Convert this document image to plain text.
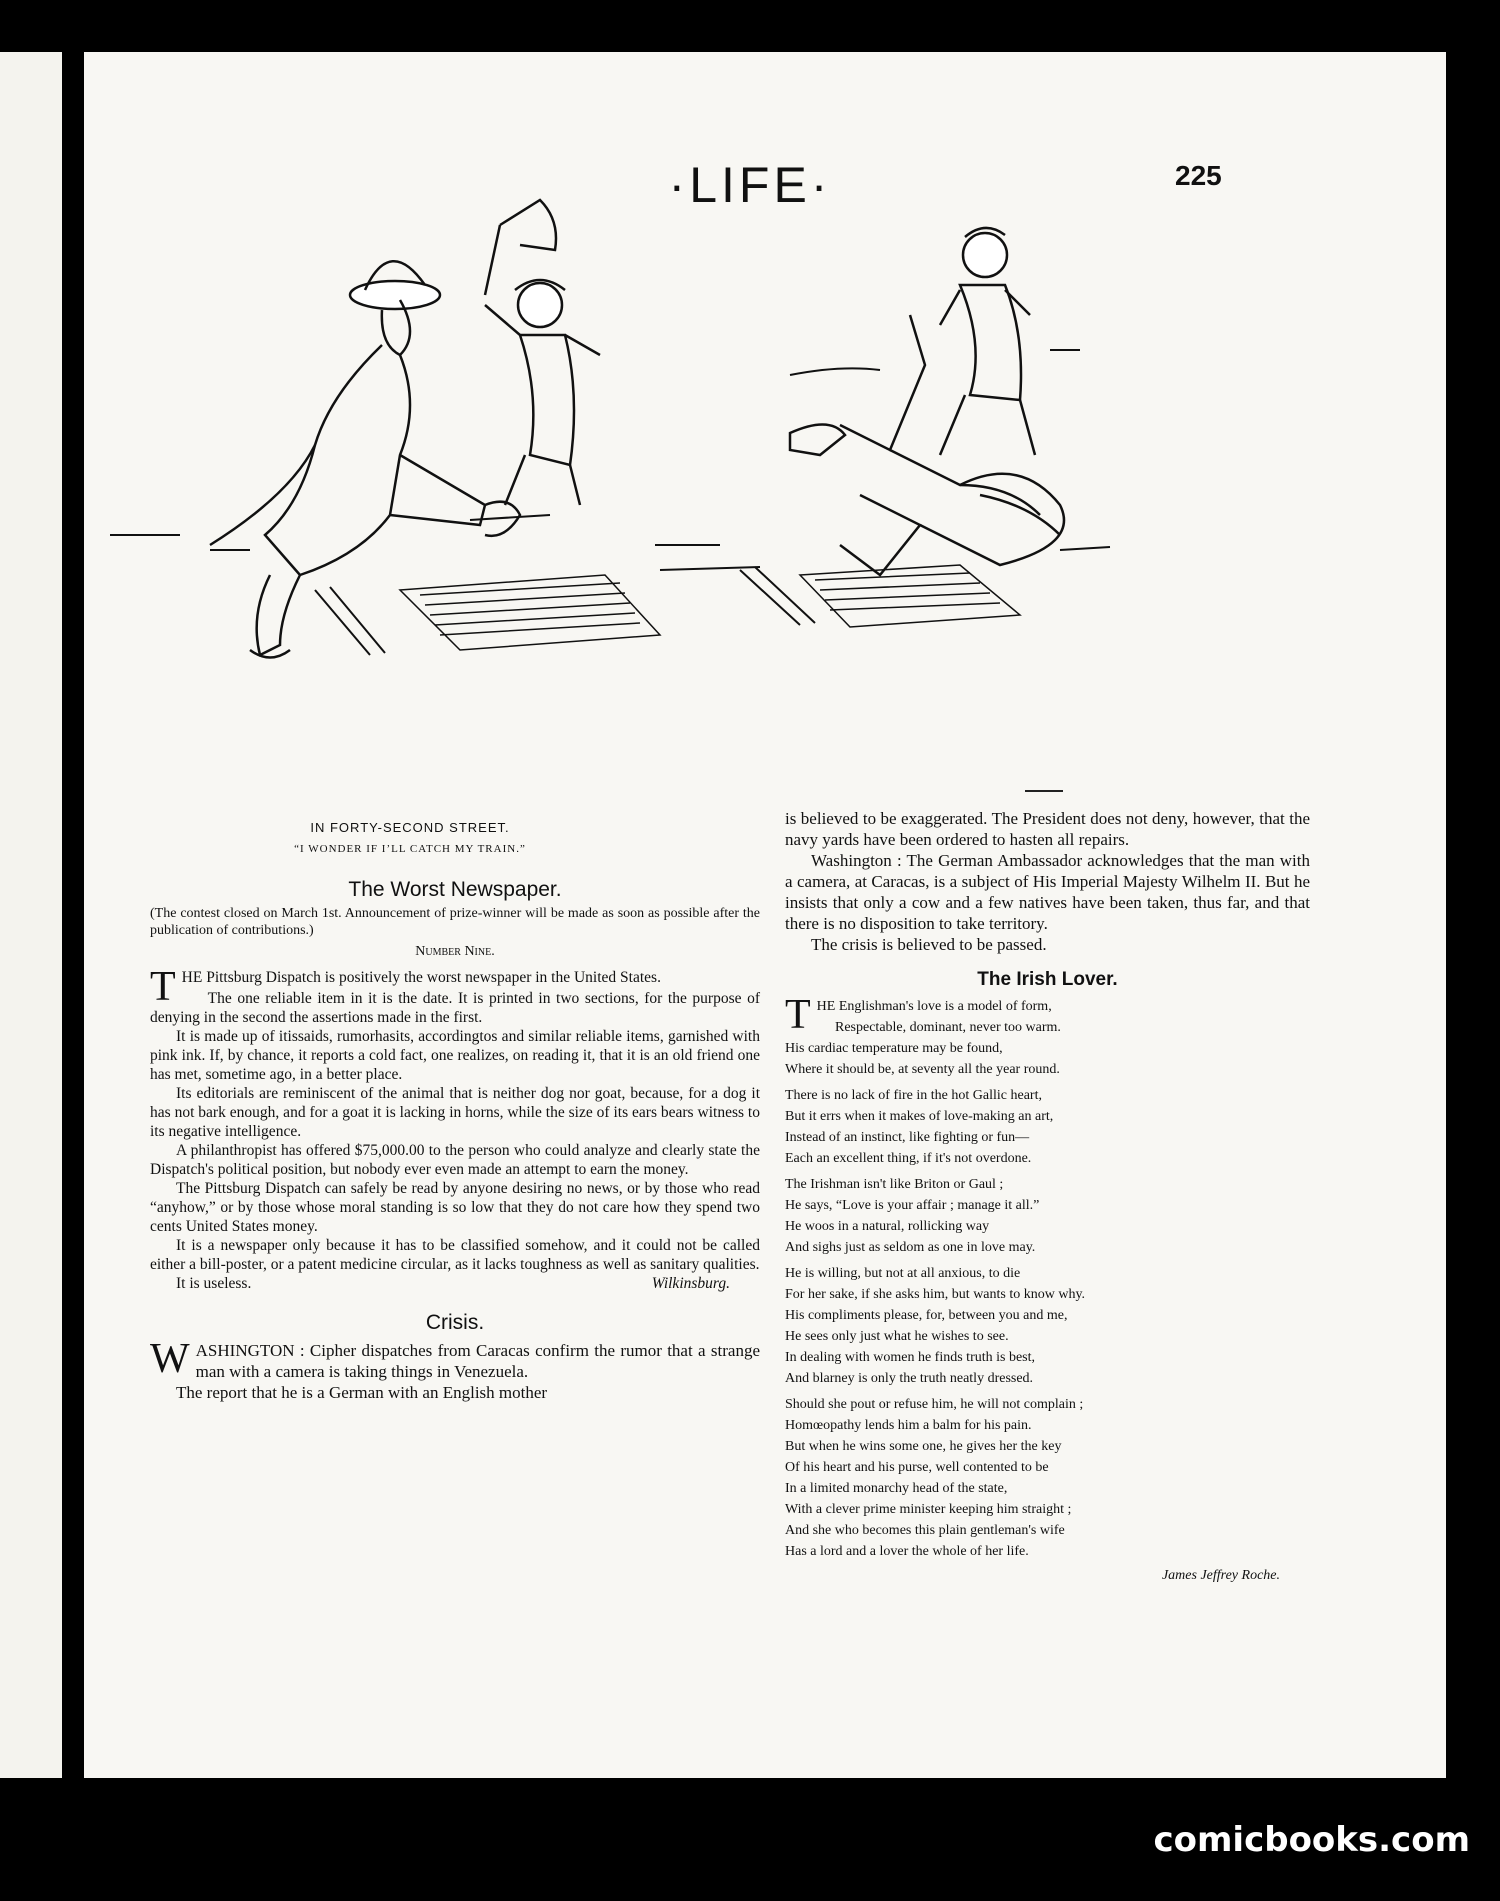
·LIFE·	225
IN FORTY-SECOND STREET.
“I WONDER IF I’LL CATCH MY TRAIN.”
The Worst Newspaper.

(The contest closed on March 1st. Announcement of prize-winner will be made as soon as possible after the publication of contributions.)

Number Nine.

THE Pittsburg Dispatch is positively the worst newspaper in the United States.

The one reliable item in it is the date. It is printed in two sections, for the purpose of denying in the second the assertions made in the first.

It is made up of itissaids, rumorhasits, accordingtos and similar reliable items, garnished with pink ink. If, by chance, it reports a cold fact, one realizes, on reading it, that it is an old friend one has met, sometime ago, in a better place.

Its editorials are reminiscent of the animal that is neither dog nor goat, because, for a dog it has not bark enough, and for a goat it is lacking in horns, while the size of its ears bears witness to its negative intelligence.

A philanthropist has offered $75,000.00 to the person who could analyze and clearly state the Dispatch's political position, but nobody ever even made an attempt to earn the money.

The Pittsburg Dispatch can safely be read by anyone desiring no news, or by those who read “anyhow,” or by those whose moral standing is so low that they do not care how they spend two cents United States money.

It is a newspaper only because it has to be classified somehow, and it could not be called either a bill-poster, or a patent medicine circular, as it lacks toughness as well as sanitary qualities.

It is useless.	Wilkinsburg.

Crisis.

WASHINGTON : Cipher dispatches from Caracas confirm the rumor that a strange man with a camera is taking things in Venezuela.

The report that he is a German with an English mother

is believed to be exaggerated. The President does not deny, however, that the navy yards have been ordered to hasten all repairs.

Washington : The German Ambassador acknowledges that the man with a camera, at Caracas, is a subject of His Imperial Majesty Wilhelm II. But he insists that only a cow and a few natives have been taken, thus far, and that there is no disposition to take territory.

The crisis is believed to be passed.

The Irish Lover.
THE Englishman's love is a model of form,
Respectable, dominant, never too warm.
His cardiac temperature may be found,
Where it should be, at seventy all the year round.
There is no lack of fire in the hot Gallic heart,
But it errs when it makes of love-making an art,
Instead of an instinct, like fighting or fun—
Each an excellent thing, if it's not overdone.
The Irishman isn't like Briton or Gaul ;
He says, “Love is your affair ; manage it all.”
He woos in a natural, rollicking way
And sighs just as seldom as one in love may.
He is willing, but not at all anxious, to die
For her sake, if she asks him, but wants to know why.
His compliments please, for, between you and me,
He sees only just what he wishes to see.
In dealing with women he finds truth is best,
And blarney is only the truth neatly dressed.
Should she pout or refuse him, he will not complain ;
Homœopathy lends him a balm for his pain.
But when he wins some one, he gives her the key
Of his heart and his purse, well contented to be
In a limited monarchy head of the state,
With a clever prime minister keeping him straight ;
And she who becomes this plain gentleman's wife
Has a lord and a lover the whole of her life.

James Jeffrey Roche.

comicbooks.com
